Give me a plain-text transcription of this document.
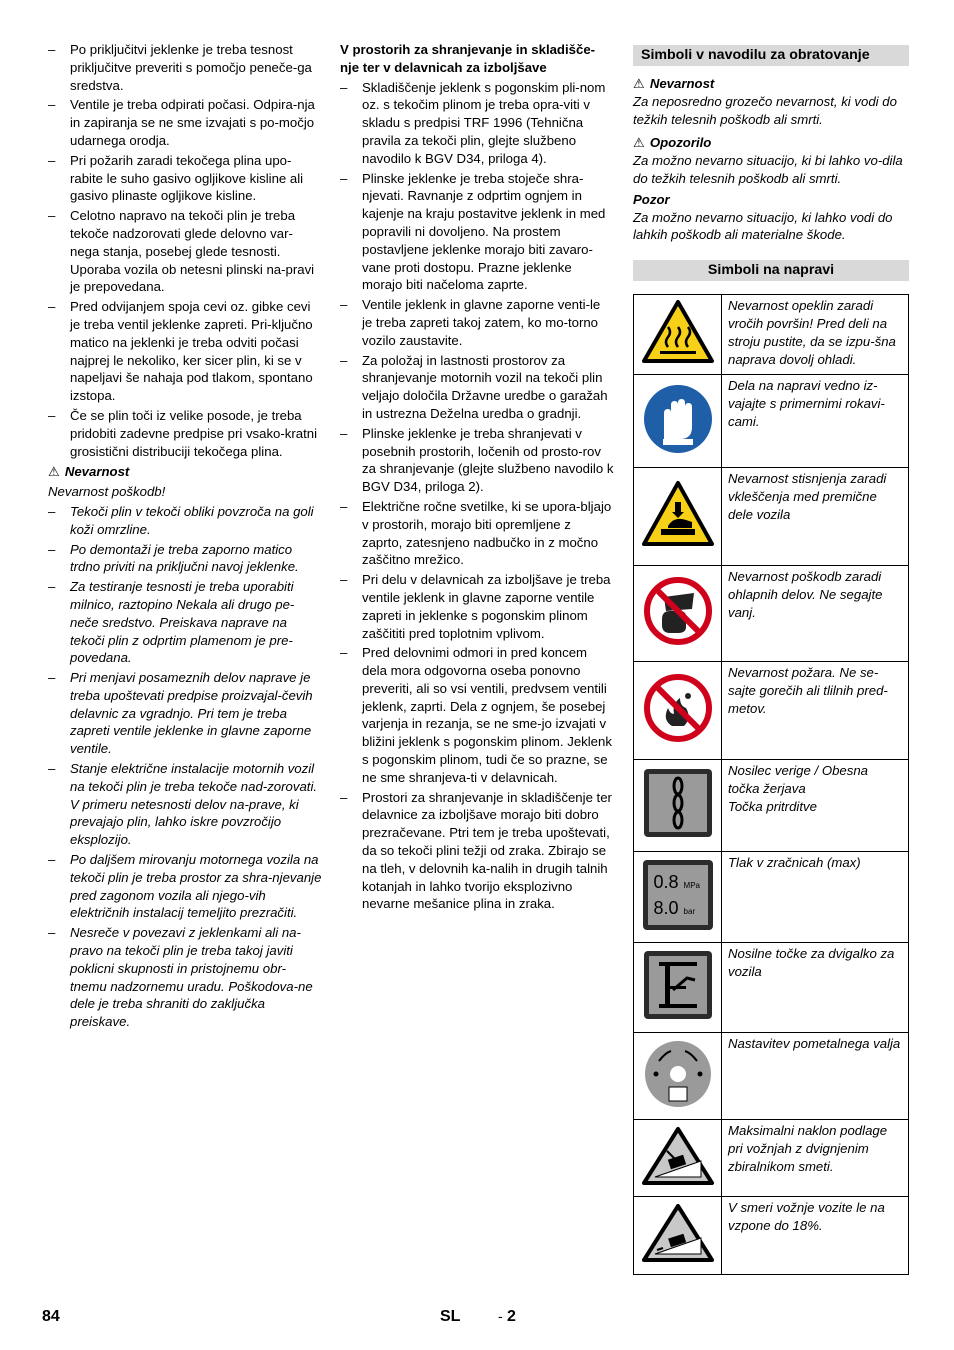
– Po priključitvi jeklenke je treba tesnost priključitve preveriti s pomočjo peneče-ga sredstva.
– Ventile je treba odpirati počasi. Odpira-nja in zapiranja se ne sme izvajati s po-močjo udarnega orodja.
– Pri požarih zaradi tekočega plina upo-rabite le suho gasivo ogljikove kisline ali gasivo plinaste ogljikove kisline.
– Celotno napravo na tekoči plin je treba tekoče nadzorovati glede delovno var-nega stanja, posebej glede tesnosti. Uporaba vozila ob netesni plinski na-pravi je prepovedana.
– Pred odvijanjem spoja cevi oz. gibke cevi je treba ventil jeklenke zapreti. Pri-ključno matico na jeklenki je treba odviti počasi najprej le nekoliko, ker sicer plin, ki se v napeljavi še nahaja pod tlakom, spontano izstopa.
– Če se plin toči iz velike posode, je treba pridobiti zadevne predpise pri vsako-kratni grosistični distribuciji tekočega plina.
⚠ Nevarnost
Nevarnost poškodb!
– Tekoči plin v tekoči obliki povzroča na goli koži omrzline.
– Po demontaži je treba zaporno matico trdno priviti na priključni navoj jeklenke.
– Za testiranje tesnosti je treba uporabiti milnico, raztopino Nekala ali drugo pe-neče sredstvo. Preiskava naprave na tekoči plin z odprtim plamenom je pre-povedana.
– Pri menjavi posameznih delov naprave je treba upoštevati predpise proizvajal-čevih delavnic za vgradnjo. Pri tem je treba zapreti ventile jeklenke in glavne zaporne ventile.
– Stanje električne instalacije motornih vozil na tekoči plin je treba tekoče nad-zorovati. V primeru netesnosti delov na-prave, ki prevajajo plin, lahko iskre povzročijo eksplozijo.
– Po daljšem mirovanju motornega vozila na tekoči plin je treba prostor za shra-njevanje pred zagonom vozila ali njego-vih električnih instalacij temeljito prezračiti.
– Nesreče v povezavi z jeklenkami ali na-pravo na tekoči plin je treba takoj javiti poklicni skupnosti in pristojnemu obr-tnemu nadzornemu uradu. Poškodova-ne dele je treba shraniti do zaključka preiskave.
V prostorih za shranjevanje in skladišče-nje ter v delavnicah za izboljšave
– Skladiščenje jeklenk s pogonskim pli-nom oz. s tekočim plinom je treba opra-viti v skladu s predpisi TRF 1996 (Tehnična pravila za tekoči plin, glejte službeno navodilo k BGV D34, priloga 4).
– Plinske jeklenke je treba stoječe shra-njevati. Ravnanje z odprtim ognjem in kajenje na kraju postavitve jeklenk in med popravili ni dovoljeno. Na prostem postavljene jeklenke morajo biti zavaro-vane proti dostopu. Prazne jeklenke morajo biti načeloma zaprte.
– Ventile jeklenk in glavne zaporne venti-le je treba zapreti takoj zatem, ko mo-torno vozilo zaustavite.
– Za položaj in lastnosti prostorov za shranjevanje motornih vozil na tekoči plin veljajo določila Državne uredbe o garažah in ustrezna Deželna uredba o gradnji.
– Plinske jeklenke je treba shranjevati v posebnih prostorih, ločenih od prosto-rov za shranjevanje (glejte službeno navodilo k BGV D34, priloga 2).
– Električne ročne svetilke, ki se upora-bljajo v prostorih, morajo biti opremljene z zaprto, zatesnjeno nadbučko in z močno zaščitno mrežico.
– Pri delu v delavnicah za izboljšave je treba ventile jeklenk in glavne zaporne ventile zapreti in jeklenke s pogonskim plinom zaščititi pred toplotnim vplivom.
– Pred delovnimi odmori in pred koncem dela mora odgovorna oseba ponovno preveriti, ali so vsi ventili, predvsem ventili jeklenk, zaprti. Dela z ognjem, še posebej varjenja in rezanja, se ne sme-jo izvajati v bližini jeklenk s pogonskim plinom. Jeklenk s pogonskim plinom, tudi če so prazne, se ne sme shranjeva-ti v delavnicah.
– Prostori za shranjevanje in skladiščenje ter delavnice za izboljšave morajo biti dobro prezračevane. Ptri tem je treba upoštevati, da so tekoči plini težji od zraka. Zbirajo se na tleh, v delovnih ka-nalih in drugih talnih kotanjah in lahko tvorijo eksplozivno nevarne mešanice plina in zraka.
Simboli v navodilu za obratovanje
⚠ Nevarnost
Za neposredno grozečo nevarnost, ki vodi do težkih telesnih poškodb ali smrti.
⚠ Opozorilo
Za možno nevarno situacijo, ki bi lahko vo-dila do težkih telesnih poškodb ali smrti.
Pozor
Za možno nevarno situacijo, ki lahko vodi do lahkih poškodb ali materialne škode.
Simboli na napravi
	Nevarnost opeklin zaradi vročih površin! Pred deli na stroju pustite, da se izpu-šna naprava dovolj ohladi.
	Dela na napravi vedno iz-vajajte s primernimi rokavi-cami.
	Nevarnost stisnjenja zaradi vkleščenja med premične dele vozila
	Nevarnost poškodb zaradi ohlapnih delov. Ne segajte vanj.
	Nevarnost požara. Ne se-sajte gorečih ali tlilnih pred-metov.
	Nosilec verige / Obesna točka žerjava
Točka pritrditve

0.8 MPa
8.0 bar	Tlak v zračnicah (max)
	Nosilne točke za dvigalko za vozila
	Nastavitev pometalnega valja
	Maksimalni naklon podlage pri vožnjah z dvignjenim zbiralnikom smeti.
	V smeri vožnje vozite le na vzpone do 18%.
84	SL	- 2
